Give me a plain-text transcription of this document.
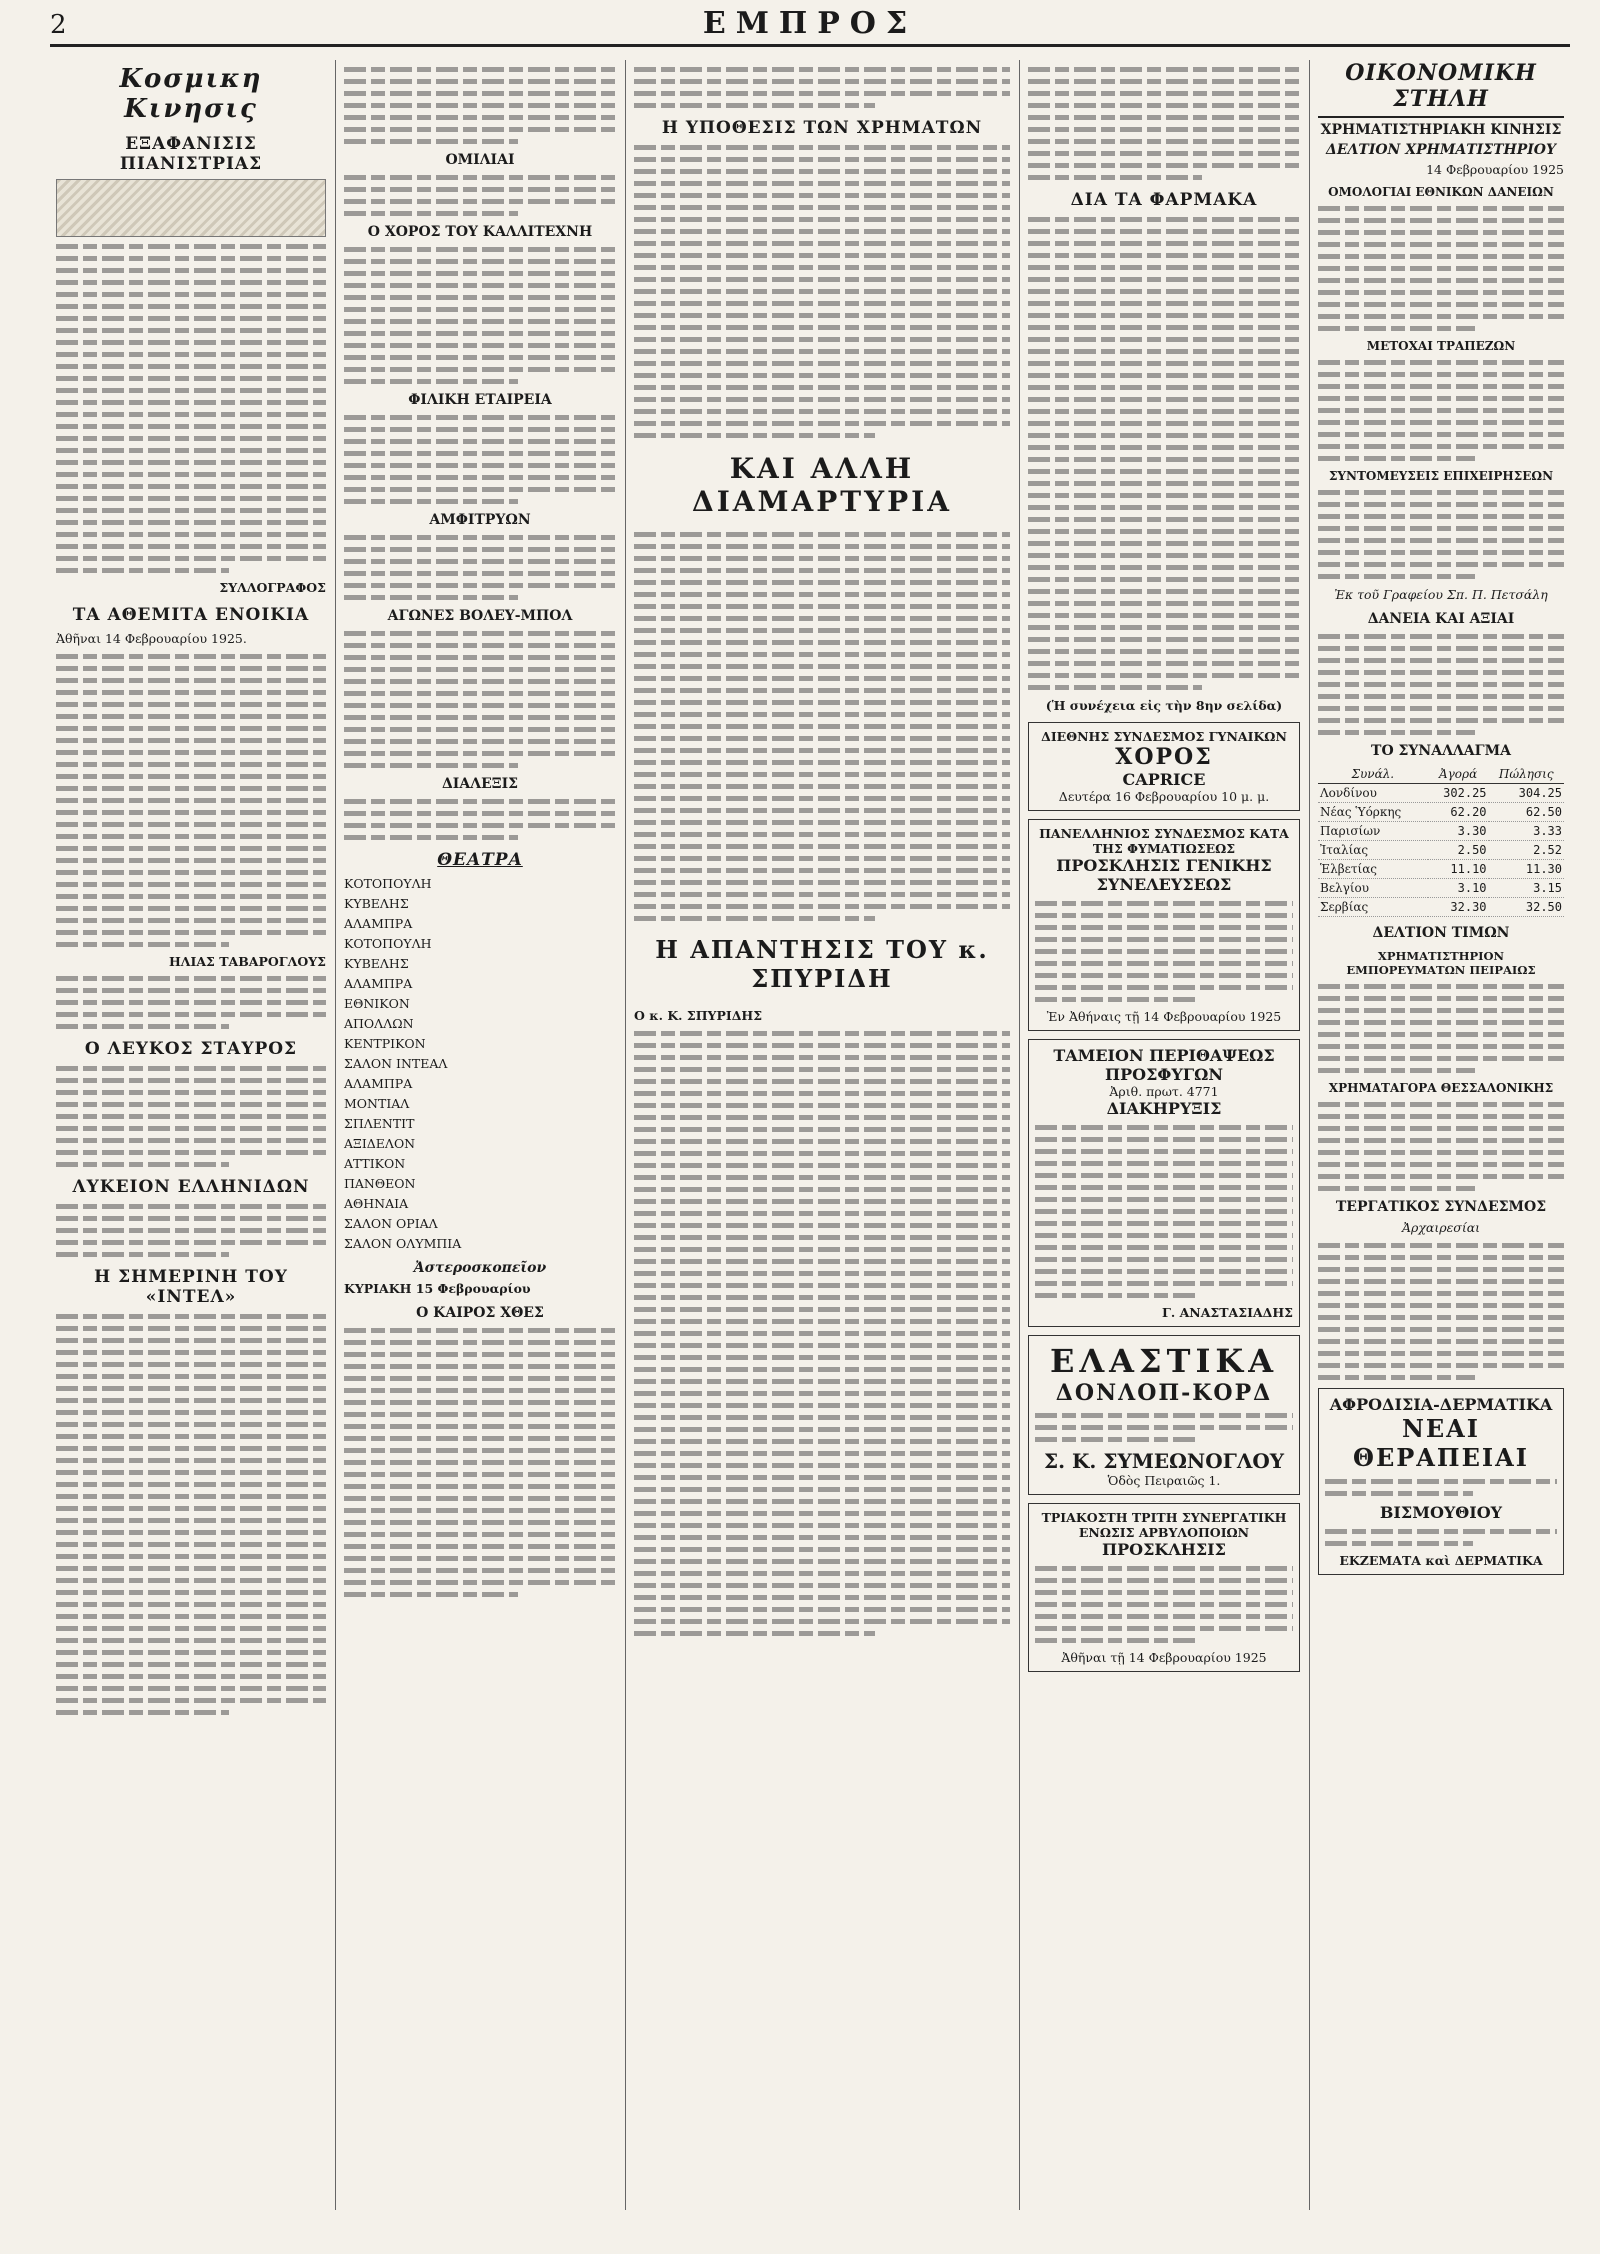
2	ΕΜΠΡΟΣ
Κοσμικη Κινησις
ΕΞΑΦΑΝΙΣΙΣ ΠΙΑΝΙΣΤΡΙΑΣ
ΣΥΛΛΟΓΡΑΦΟΣ
ΤΑ ΑΘΕΜΙΤΑ ΕΝΟΙΚΙΑ
Ἀθῆναι 14 Φεβρουαρίου 1925.
ΗΛΙΑΣ ΤΑΒΑΡΟΓΛΟΥΣ
Ο ΛΕΥΚΟΣ ΣΤΑΥΡΟΣ
ΛΥΚΕΙΟΝ ΕΛΛΗΝΙΔΩΝ
Η ΣΗΜΕΡΙΝΗ ΤΟΥ «ΙΝΤΕΛ»
ΟΜΙΛΙΑΙ
Ο ΧΟΡΟΣ ΤΟΥ ΚΑΛΛΙΤΕΧΝΗ
ΦΙΛΙΚΗ ΕΤΑΙΡΕΙΑ
ΑΜΦΙΤΡΥΩΝ
ΑΓΩΝΕΣ ΒΟΛΕΥ-ΜΠΟΛ
ΔΙΑΛΕΞΙΣ
ΘΕΑΤΡΑ
ΚΟΤΟΠΟΥΛΗ
ΚΥΒΕΛΗΣ
ΑΛΑΜΠΡΑ
ΚΟΤΟΠΟΥΛΗ
ΚΥΒΕΛΗΣ
ΑΛΑΜΠΡΑ
ΕΘΝΙΚΟΝ
ΑΠΟΛΛΩΝ
ΚΕΝΤΡΙΚΟΝ
ΣΑΛΟΝ ΙΝΤΕΑΛ
ΑΛΑΜΠΡΑ
ΜΟΝΤΙΑΛ
ΣΠΛΕΝΤΙΤ
ΑΞΙΔΕΛΟΝ
ΑΤΤΙΚΟΝ
ΠΑΝΘΕΟΝ
ΑΘΗΝΑΙΑ
ΣΑΛΟΝ ΟΡΙΑΛ
ΣΑΛΟΝ ΟΛΥΜΠΙΑ
Ἀστεροσκοπεῖον
ΚΥΡΙΑΚΗ 15 Φεβρουαρίου
Ο ΚΑΙΡΟΣ ΧΘΕΣ
Η ΥΠΟΘΕΣΙΣ ΤΩΝ ΧΡΗΜΑΤΩΝ
ΚΑΙ ΑΛΛΗ ΔΙΑΜΑΡΤΥΡΙΑ
Η ΑΠΑΝΤΗΣΙΣ ΤΟΥ κ. ΣΠΥΡΙΔΗ
Ο κ. Κ. ΣΠΥΡΙΔΗΣ
ΔΙΑ ΤΑ ΦΑΡΜΑΚΑ
(Ἡ συνέχεια εἰς τὴν 8ην σελίδα)
ΔΙΕΘΝΗΣ ΣΥΝΔΕΣΜΟΣ ΓΥΝΑΙΚΩΝ
ΧΟΡΟΣ
CAPRICE
Δευτέρα 16 Φεβρουαρίου 10 μ. μ.
ΠΑΝΕΛΛΗΝΙΟΣ ΣΥΝΔΕΣΜΟΣ ΚΑΤΑ ΤΗΣ ΦΥΜΑΤΙΩΣΕΩΣ
ΠΡΟΣΚΛΗΣΙΣ ΓΕΝΙΚΗΣ ΣΥΝΕΛΕΥΣΕΩΣ
Ἐν Ἀθήναις τῇ 14 Φεβρουαρίου 1925
ΤΑΜΕΙΟΝ ΠΕΡΙΘΑΨΕΩΣ ΠΡΟΣΦΥΓΩΝ
Ἀριθ. πρωτ. 4771
ΔΙΑΚΗΡΥΞΙΣ
Γ. ΑΝΑΣΤΑΣΙΑΔΗΣ
ΕΛΑΣΤΙΚΑ
ΔΟΝΛΟΠ-ΚΟΡΔ
Σ. Κ. ΣΥΜΕΩΝΟΓΛΟΥ
Ὁδὸς Πειραιῶς 1.
ΤΡΙΑΚΟΣΤΗ ΤΡΙΤΗ ΣΥΝΕΡΓΑΤΙΚΗ ΕΝΩΣΙΣ ΑΡΒΥΛΟΠΟΙΩΝ
ΠΡΟΣΚΛΗΣΙΣ
Ἀθῆναι τῇ 14 Φεβρουαρίου 1925
ΟΙΚΟΝΟΜΙΚΗ ΣΤΗΛΗ
ΧΡΗΜΑΤΙΣΤΗΡΙΑΚΗ ΚΙΝΗΣΙΣ
ΔΕΛΤΙΟΝ ΧΡΗΜΑΤΙΣΤΗΡΙΟΥ
14 Φεβρουαρίου 1925
ΟΜΟΛΟΓΙΑΙ ΕΘΝΙΚΩΝ ΔΑΝΕΙΩΝ
ΜΕΤΟΧΑΙ ΤΡΑΠΕΖΩΝ
ΣΥΝΤΟΜΕΥΣΕΙΣ ΕΠΙΧΕΙΡΗΣΕΩΝ
Ἐκ τοῦ Γραφείου Σπ. Π. Πετσάλη
ΔΑΝΕΙΑ ΚΑΙ ΑΞΙΑΙ
ΤΟ ΣΥΝΑΛΛΑΓΜΑ
Συνάλ.	Ἀγορά	Πώλησις
Λονδίνου	302.25	304.25
Νέας Ὑόρκης	62.20	62.50
Παρισίων	3.30	3.33
Ἰταλίας	2.50	2.52
Ἑλβετίας	11.10	11.30
Βελγίου	3.10	3.15
Σερβίας	32.30	32.50
ΔΕΛΤΙΟΝ ΤΙΜΩΝ
ΧΡΗΜΑΤΙΣΤΗΡΙΟΝ ΕΜΠΟΡΕΥΜΑΤΩΝ ΠΕΙΡΑΙΩΣ
ΧΡΗΜΑΤΑΓΟΡΑ ΘΕΣΣΑΛΟΝΙΚΗΣ
ΤΕΡΓΑΤΙΚΟΣ ΣΥΝΔΕΣΜΟΣ
Ἀρχαιρεσίαι
ΑΦΡΟΔΙΣΙΑ-ΔΕΡΜΑΤΙΚΑ
ΝΕΑΙ ΘΕΡΑΠΕΙΑΙ
ΒΙΣΜΟΥΘΙΟΥ
ΕΚΖΕΜΑΤΑ καὶ ΔΕΡΜΑΤΙΚΑ
